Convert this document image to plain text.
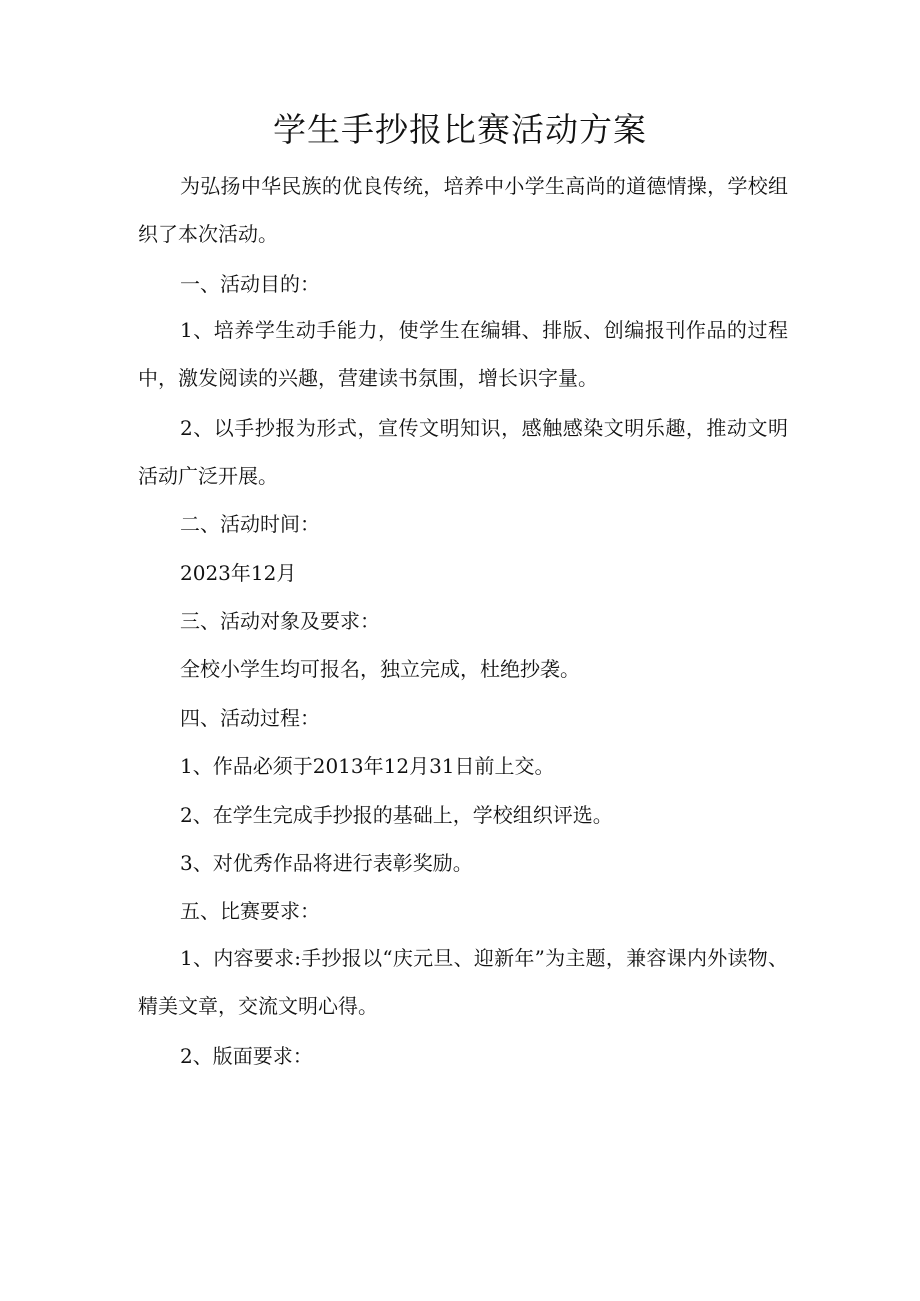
学生手抄报比赛活动方案

为弘扬中华民族的优良传统，培养中小学生高尚的道德情操，学校组织了本次活动。

一、活动目的：

1、培养学生动手能力，使学生在编辑、排版、创编报刊作品的过程中，激发阅读的兴趣，营建读书氛围，增长识字量。

2、以手抄报为形式，宣传文明知识，感触感染文明乐趣，推动文明活动广泛开展。

二、活动时间：

2023年12月

三、活动对象及要求：

全校小学生均可报名，独立完成，杜绝抄袭。

四、活动过程：

1、作品必须于2013年12月31日前上交。

2、在学生完成手抄报的基础上，学校组织评选。

3、对优秀作品将进行表彰奖励。

五、比赛要求：

1、内容要求:手抄报以“庆元旦、迎新年”为主题，兼容课内外读物、精美文章，交流文明心得。

2、版面要求：
